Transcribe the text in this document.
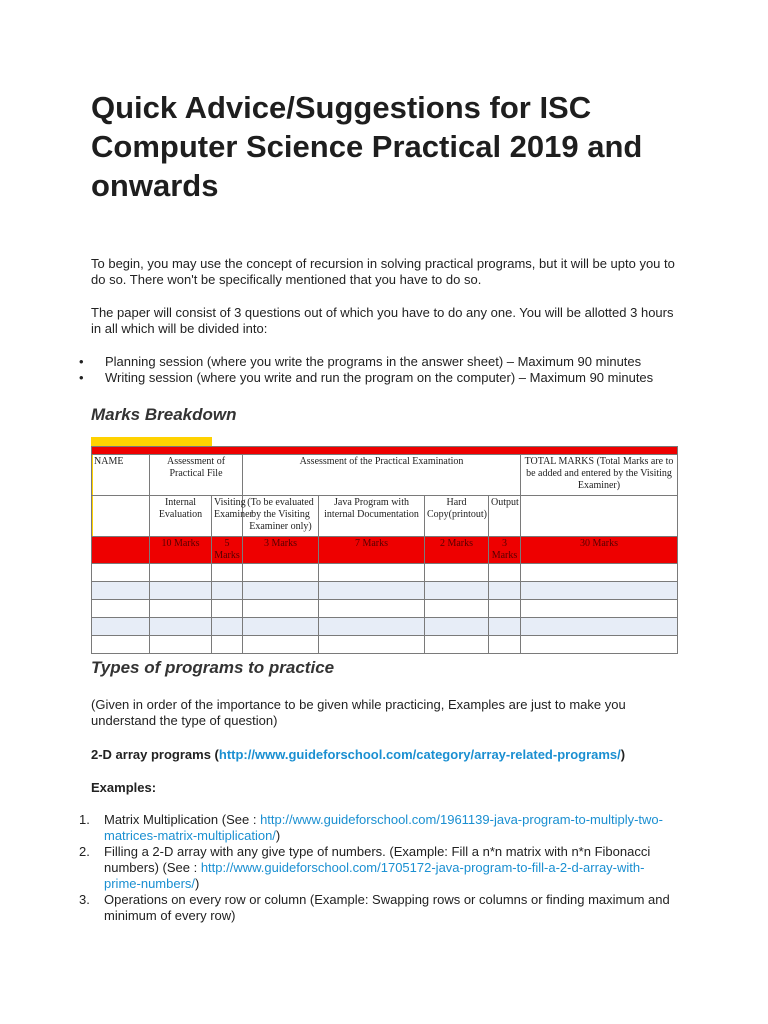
Quick Advice/Suggestions for ISC Computer Science Practical 2019 and onwards

To begin, you may use the concept of recursion in solving practical programs, but it will be upto you to do so. There won't be specifically mentioned that you have to do so.

The paper will consist of 3 questions out of which you have to do any one. You will be allotted 3 hours in all which will be divided into:

• Planning session (where you write the programs in the answer sheet) – Maximum 90 minutes
• Writing session (where you write and run the program on the computer) – Maximum 90 minutes
Marks Breakdown

NAME	Assessment of Practical File		Assessment of the Practical Examination				TOTAL MARKS (Total Marks are to be added and entered by the Visiting Examiner)
	Internal Evaluation	Visiting Examiner	(To be evaluated by the Visiting Examiner only)	Java Program with internal Documentation	Hard Copy(printout)	Output	
	10 Marks	5 Marks	3 Marks	7 Marks	2 Marks	3 Marks	30 Marks

Types of programs to practice

(Given in order of the importance to be given while practicing, Examples are just to make you understand the type of question)

2-D array programs (http://www.guideforschool.com/category/array-related-programs/)

Examples:

1. Matrix Multiplication (See : http://www.guideforschool.com/1961139-java-program-to-multiply-two-matrices-matrix-multiplication/)
2. Filling a 2-D array with any give type of numbers. (Example: Fill a n*n matrix with n*n Fibonacci numbers) (See : http://www.guideforschool.com/1705172-java-program-to-fill-a-2-d-array-with-prime-numbers/)
3. Operations on every row or column (Example: Swapping rows or columns or finding maximum and minimum of every row)
